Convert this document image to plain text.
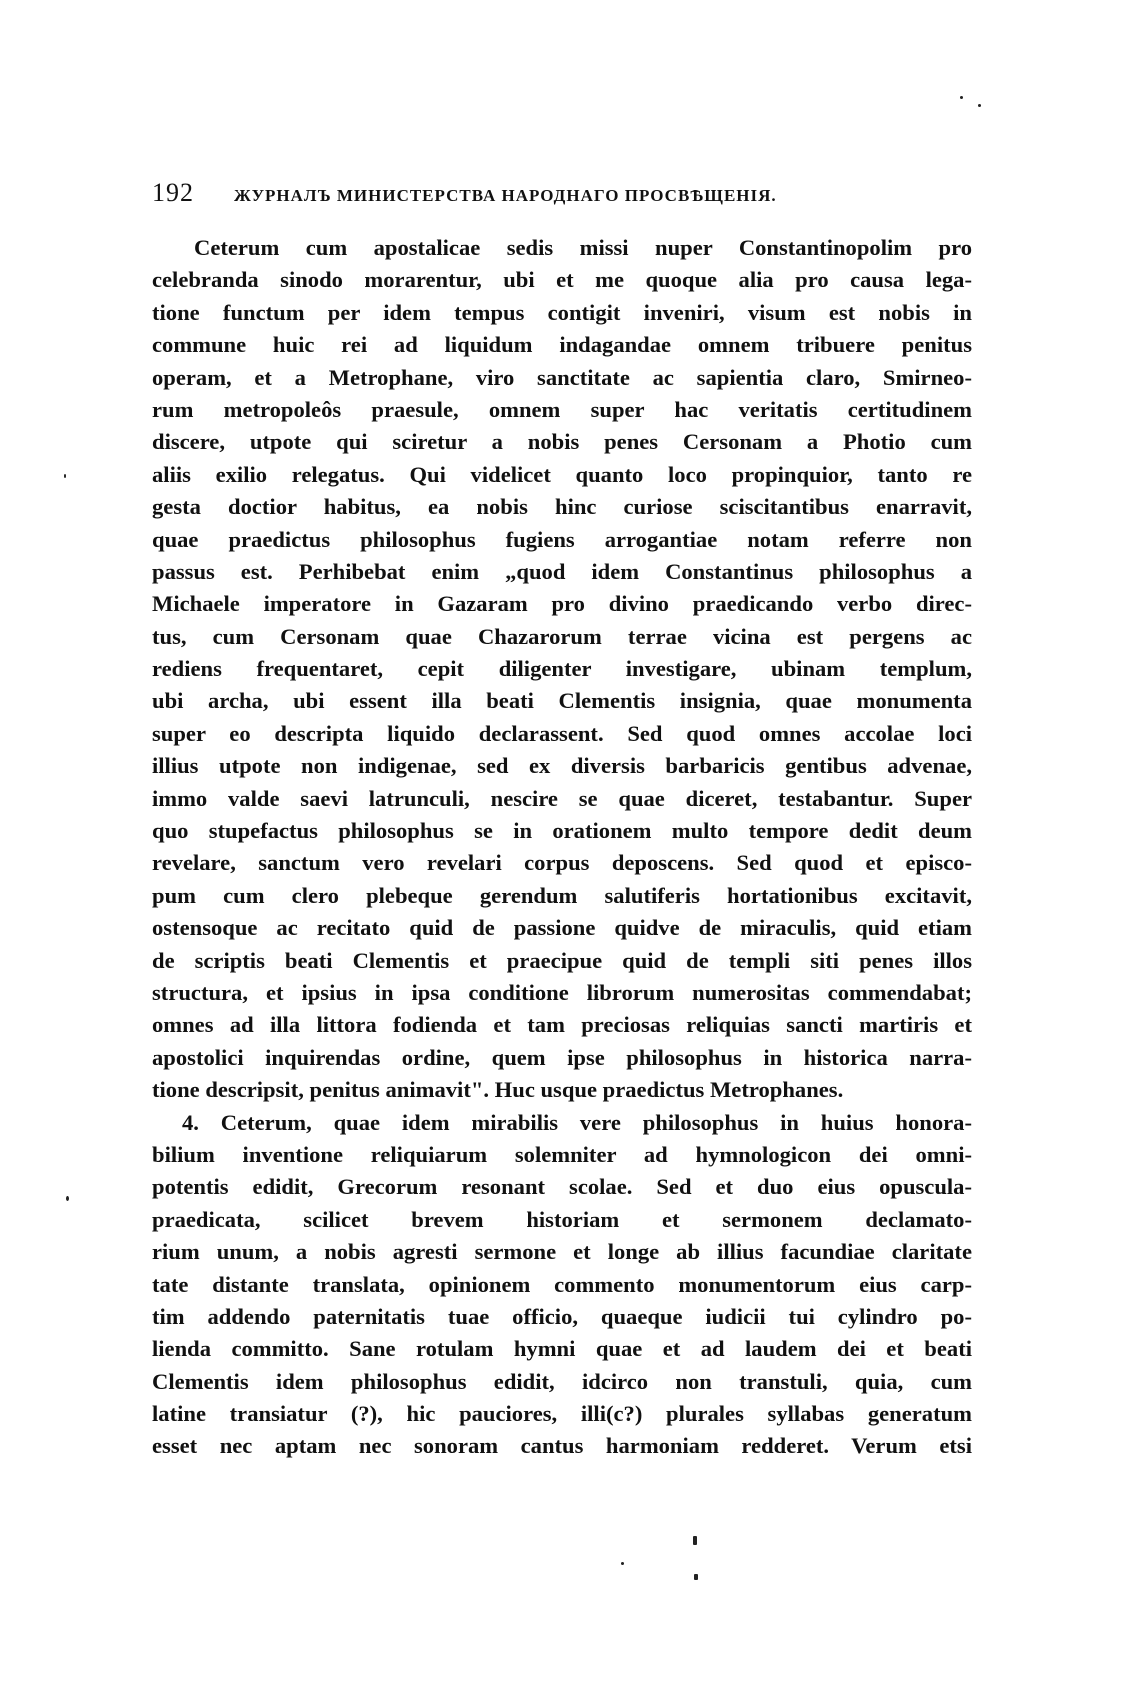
192 ЖУРНАЛЪ МИНИСТЕРСТВА НАРОДНАГО ПРОСВѢЩЕНІЯ.
Ceterum cum apostalicae sedis missi nuper Constantinopolim pro
celebranda sinodo morarentur, ubi et me quoque alia pro causa lega-
tione functum per idem tempus contigit inveniri, visum est nobis in
commune huic rei ad liquidum indagandae omnem tribuere penitus
operam, et a Metrophane, viro sanctitate ac sapientia claro, Smirneo-
rum metropoleôs praesule, omnem super hac veritatis certitudinem
discere, utpote qui sciretur a nobis penes Cersonam a Photio cum
aliis exilio relegatus. Qui videlicet quanto loco propinquior, tanto re
gesta doctior habitus, ea nobis hinc curiose sciscitantibus enarravit,
quae praedictus philosophus fugiens arrogantiae notam referre non
passus est. Perhibebat enim „quod idem Constantinus philosophus a
Michaele imperatore in Gazaram pro divino praedicando verbo direc-
tus, cum Cersonam quae Chazarorum terrae vicina est pergens ac
rediens frequentaret, cepit diligenter investigare, ubinam templum,
ubi archa, ubi essent illa beati Clementis insignia, quae monumenta
super eo descripta liquido declarassent. Sed quod omnes accolae loci
illius utpote non indigenae, sed ex diversis barbaricis gentibus advenae,
immo valde saevi latrunculi, nescire se quae diceret, testabantur. Super
quo stupefactus philosophus se in orationem multo tempore dedit deum
revelare, sanctum vero revelari corpus deposcens. Sed quod et episco-
pum cum clero plebeque gerendum salutiferis hortationibus excitavit,
ostensoque ac recitato quid de passione quidve de miraculis, quid etiam
de scriptis beati Clementis et praecipue quid de templi siti penes illos
structura, et ipsius in ipsa conditione librorum numerositas commendabat;
omnes ad illa littora fodienda et tam preciosas reliquias sancti martiris et
apostolici inquirendas ordine, quem ipse philosophus in historica narra-
tione descripsit, penitus animavit". Huc usque praedictus Metrophanes.
4. Ceterum, quae idem mirabilis vere philosophus in huius honora-
bilium inventione reliquiarum solemniter ad hymnologicon dei omni-
potentis edidit, Grecorum resonant scolae. Sed et duo eius opuscula-
praedicata, scilicet brevem historiam et sermonem declamato-
rium unum, a nobis agresti sermone et longe ab illius facundiae claritate
tate distante translata, opinionem commento monumentorum eius carp-
tim addendo paternitatis tuae officio, quaeque iudicii tui cylindro po-
lienda committo. Sane rotulam hymni quae et ad laudem dei et beati
Clementis idem philosophus edidit, idcirco non transtuli, quia, cum
latine transiatur (?), hic pauciores, illi(c?) plurales syllabas generatum
esset nec aptam nec sonoram cantus harmoniam redderet. Verum etsi
